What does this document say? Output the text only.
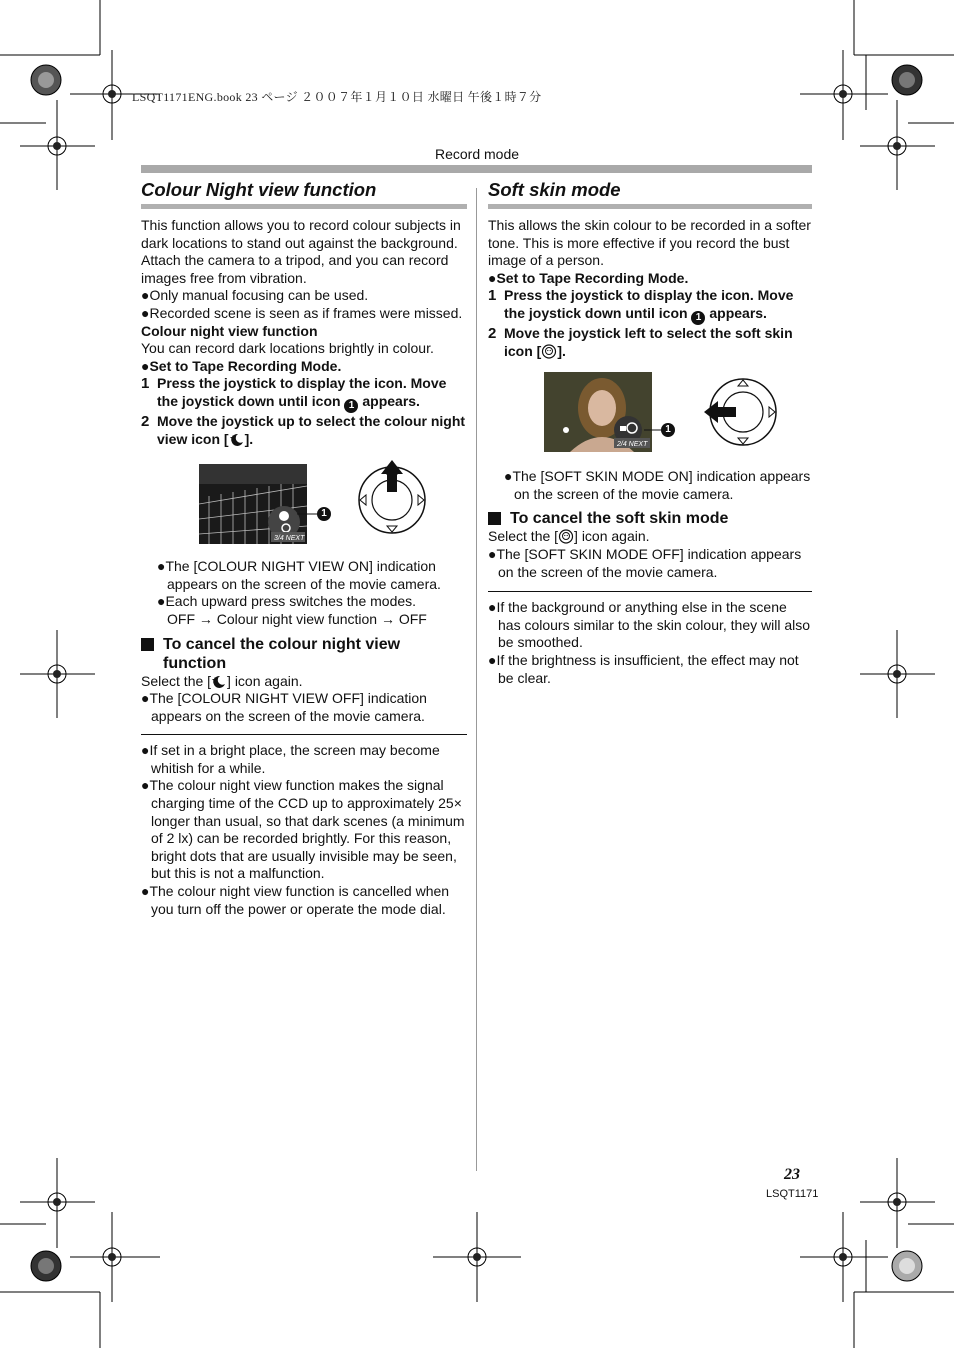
LSQT1171ENG.book 23 ページ ２００７年１月１０日 水曜日 午後１時７分
Record mode
Colour Night view function

This function allows you to record colour subjects in dark locations to stand out against the background.

Attach the camera to a tripod, and you can record images free from vibration.

●Only manual focusing can be used.

●Recorded scene is seen as if frames were missed.

Colour night view function

You can record dark locations brightly in colour.

●Set to Tape Recording Mode.

1 Press the joystick to display the icon. Move the joystick down until icon 1 appears.
2 Move the joystick up to select the colour night view icon [ ].
3/4 NEXT
1

●The [COLOUR NIGHT VIEW ON] indication appears on the screen of the movie camera.

●Each upward press switches the modes.

OFF → Colour night view function → OFF

To cancel the colour night view function

Select the [ ] icon again.

●The [COLOUR NIGHT VIEW OFF] indication appears on the screen of the movie camera.

●If set in a bright place, the screen may become whitish for a while.

●The colour night view function makes the signal charging time of the CCD up to approximately 25× longer than usual, so that dark scenes (a minimum of 2 lx) can be recorded brightly. For this reason, bright dots that are usually invisible may be seen, but this is not a malfunction.

●The colour night view function is cancelled when you turn off the power or operate the mode dial.

Soft skin mode

This allows the skin colour to be recorded in a softer tone. This is more effective if you record the bust image of a person.

●Set to Tape Recording Mode.

1 Press the joystick to display the icon. Move the joystick down until icon 1 appears.
2 Move the joystick left to select the soft skin icon [ ].
2/4 NEXT
1

●The [SOFT SKIN MODE ON] indication appears on the screen of the movie camera.

To cancel the soft skin mode

Select the [ ] icon again.

●The [SOFT SKIN MODE OFF] indication appears on the screen of the movie camera.

●If the background or anything else in the scene has colours similar to the skin colour, they will also be smoothed.

●If the brightness is insufficient, the effect may not be clear.

23
LSQT1171
